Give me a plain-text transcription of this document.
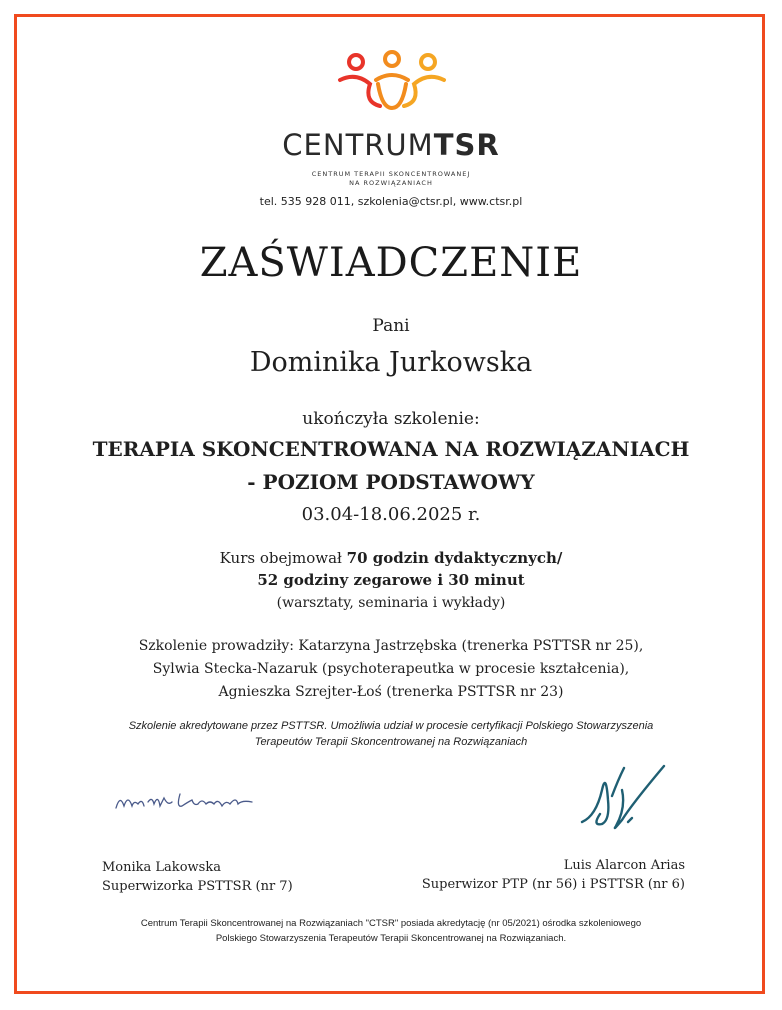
CENTRUMTSR
CENTRUM TERAPII SKONCENTROWANEJ
NA ROZWIĄZANIACH
tel. 535 928 011, szkolenia@ctsr.pl, www.ctsr.pl
ZAŚWIADCZENIE
Pani
Dominika Jurkowska
ukończyła szkolenie:
TERAPIA SKONCENTROWANA NA ROZWIĄZANIACH
- POZIOM PODSTAWOWY
03.04-18.06.2025 r.
Kurs obejmował 70 godzin dydaktycznych/
52 godziny zegarowe i 30 minut
(warsztaty, seminaria i wykłady)
Szkolenie prowadziły: Katarzyna Jastrzębska (trenerka PSTTSR nr 25),
Sylwia Stecka-Nazaruk (psychoterapeutka w procesie kształcenia),
Agnieszka Szrejter-Łoś (trenerka PSTTSR nr 23)
Szkolenie akredytowane przez PSTTSR. Umożliwia udział w procesie certyfikacji Polskiego Stowarzyszenia
Terapeutów Terapii Skoncentrowanej na Rozwiązaniach
Monika Lakowska
Superwizorka PSTTSR (nr 7)
Luis Alarcon Arias
Superwizor PTP (nr 56) i PSTTSR (nr 6)
Centrum Terapii Skoncentrowanej na Rozwiązaniach "CTSR" posiada akredytację (nr 05/2021) ośrodka szkoleniowego
Polskiego Stowarzyszenia Terapeutów Terapii Skoncentrowanej na Rozwiązaniach.
